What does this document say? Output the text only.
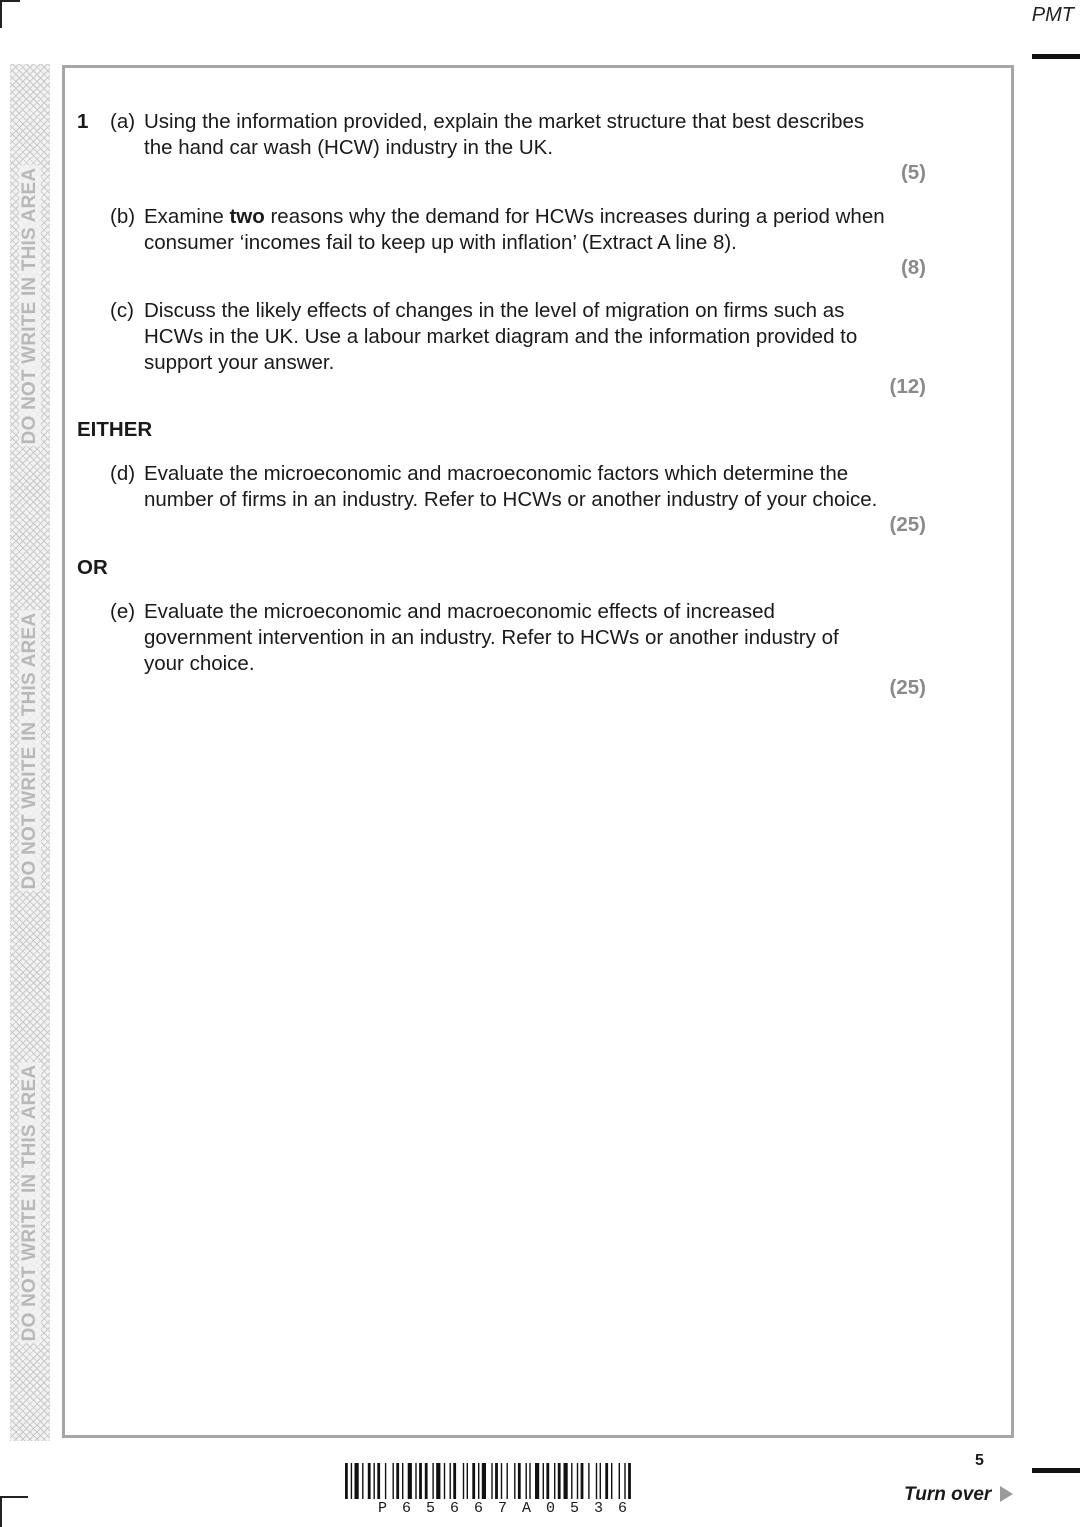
PMT
DO NOT WRITE IN THIS AREA
DO NOT WRITE IN THIS AREA
DO NOT WRITE IN THIS AREA
1 (a) Using the information provided, explain the market structure that best describes
the hand car wash (HCW) industry in the UK.
(5)
(b) Examine two reasons why the demand for HCWs increases during a period when
consumer ‘incomes fail to keep up with inflation’ (Extract A line 8).
(8)
(c) Discuss the likely effects of changes in the level of migration on firms such as
HCWs in the UK. Use a labour market diagram and the information provided to
support your answer.
(12)
EITHER
(d) Evaluate the microeconomic and macroeconomic factors which determine the
number of firms in an industry. Refer to HCWs or another industry of your choice.
(25)
OR
(e) Evaluate the microeconomic and macroeconomic effects of increased
government intervention in an industry. Refer to HCWs or another industry of
your choice.
(25)
P 6 5 6 6 7 A 0 5 3 6
5
Turn over
